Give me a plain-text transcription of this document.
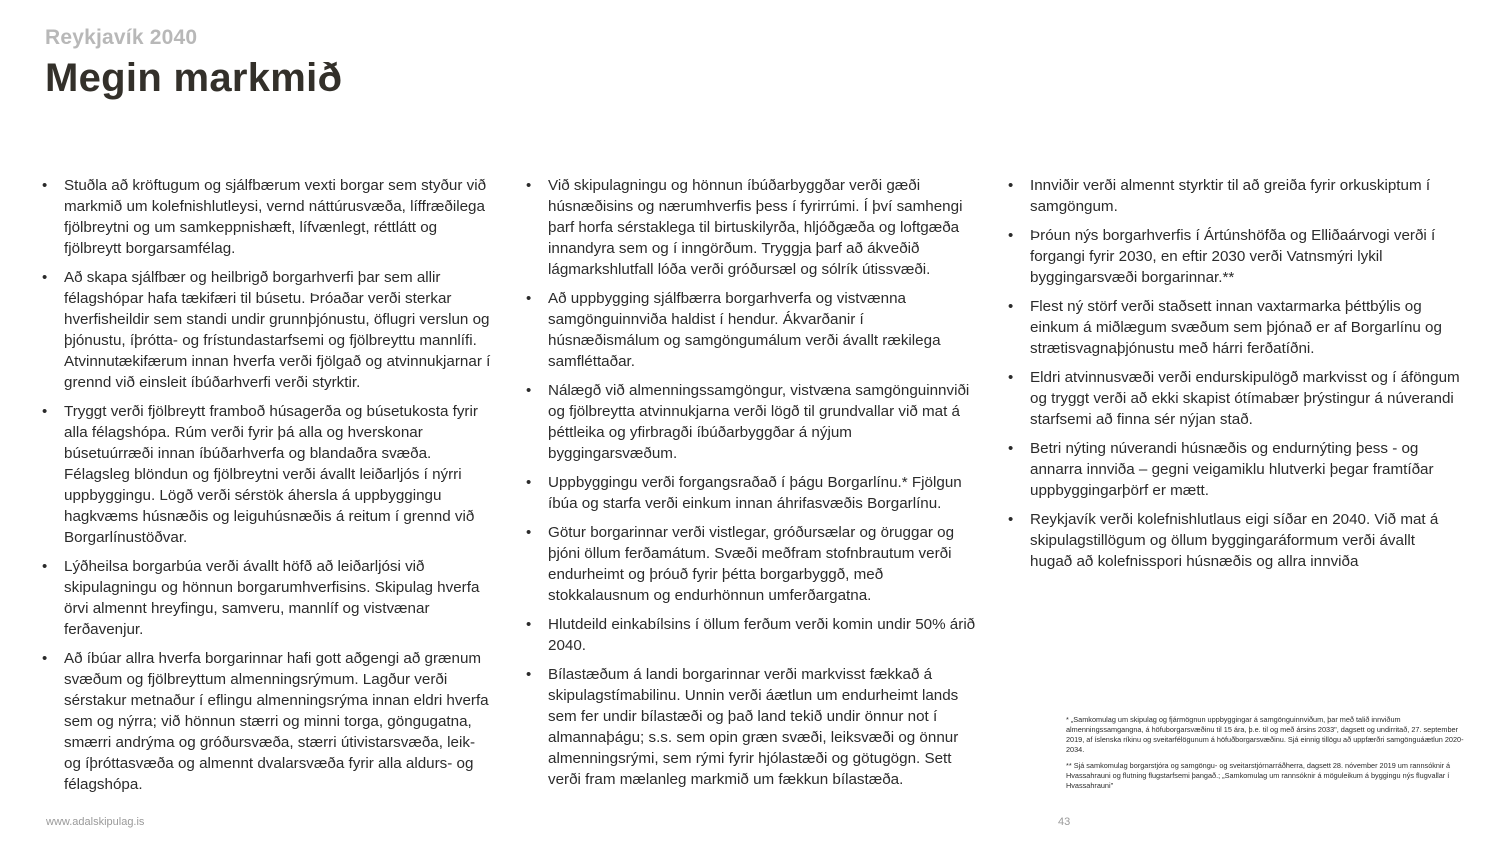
Reykjavík 2040
Megin markmið
• Stuðla að kröftugum og sjálfbærum vexti borgar sem styður við markmið um kolefnishlutleysi, vernd náttúrusvæða, líffræðilega fjölbreytni og um samkeppnishæft, lífvænlegt, réttlátt og fjölbreytt borgarsamfélag.
• Að skapa sjálfbær og heilbrigð borgarhverfi þar sem allir félagshópar hafa tækifæri til búsetu. Þróaðar verði sterkar hverfisheildir sem standi undir grunnþjónustu, öflugri verslun og þjónustu, íþrótta- og frístundastarfsemi og fjölbreyttu mannlífi. Atvinnutækifærum innan hverfa verði fjölgað og atvinnukjarnar í grennd við einsleit íbúðarhverfi verði styrktir.
• Tryggt verði fjölbreytt framboð húsagerða og búsetukosta fyrir alla félagshópa. Rúm verði fyrir þá alla og hverskonar búsetuúrræði innan íbúðarhverfa og blandaðra svæða. Félagsleg blöndun og fjölbreytni verði ávallt leiðarljós í nýrri uppbyggingu. Lögð verði sérstök áhersla á uppbyggingu hagkvæms húsnæðis og leiguhúsnæðis á reitum í grennd við Borgarlínustöðvar.
• Lýðheilsa borgarbúa verði ávallt höfð að leiðarljósi við skipulagningu og hönnun borgarumhverfisins. Skipulag hverfa örvi almennt hreyfingu, samveru, mannlíf og vistvænar ferðavenjur.
• Að íbúar allra hverfa borgarinnar hafi gott aðgengi að grænum svæðum og fjölbreyttum almenningsrýmum. Lagður verði sérstakur metnaður í eflingu almenningsrýma innan eldri hverfa sem og nýrra; við hönnun stærri og minni torga, göngugatna, smærri andrýma og gróðursvæða, stærri útivistarsvæða, leik- og íþróttasvæða og almennt dvalarsvæða fyrir alla aldurs- og félagshópa.
• Við skipulagningu og hönnun íbúðarbyggðar verði gæði húsnæðisins og nærumhverfis þess í fyrirrúmi. Í því samhengi þarf horfa sérstaklega til birtuskilyrða, hljóðgæða og loftgæða innandyra sem og í inngörðum. Tryggja þarf að ákveðið lágmarkshlutfall lóða verði gróðursæl og sólrík útissvæði.
• Að uppbygging sjálfbærra borgarhverfa og vistvænna samgönguinnviða haldist í hendur. Ákvarðanir í húsnæðismálum og samgöngumálum verði ávallt rækilega samfléttaðar.
• Nálægð við almenningssamgöngur, vistvæna samgönguinnviði og fjölbreytta atvinnukjarna verði lögð til grundvallar við mat á þéttleika og yfirbragði íbúðarbyggðar á nýjum byggingarsvæðum.
• Uppbyggingu verði forgangsraðað í þágu Borgarlínu.* Fjölgun íbúa og starfa verði einkum innan áhrifasvæðis Borgarlínu.
• Götur borgarinnar verði vistlegar, gróðursælar og öruggar og þjóni öllum ferðamátum. Svæði meðfram stofnbrautum verði endurheimt og þróuð fyrir þétta borgarbyggð, með stokkalausnum og endurhönnun umferðargatna.
• Hlutdeild einkabílsins í öllum ferðum verði komin undir 50% árið 2040.
• Bílastæðum á landi borgarinnar verði markvisst fækkað á skipulagstímabilinu. Unnin verði áætlun um endurheimt lands sem fer undir bílastæði og það land tekið undir önnur not í almannaþágu; s.s. sem opin græn svæði, leiksvæði og önnur almenningsrými, sem rými fyrir hjólastæði og götugögn. Sett verði fram mælanleg markmið um fækkun bílastæða.
• Innviðir verði almennt styrktir til að greiða fyrir orkuskiptum í samgöngum.
• Þróun nýs borgarhverfis í Ártúnshöfða og Elliðaárvogi verði í forgangi fyrir 2030, en eftir 2030 verði Vatnsmýri lykil byggingarsvæði borgarinnar.**
• Flest ný störf verði staðsett innan vaxtarmarka þéttbýlis og einkum á miðlægum svæðum sem þjónað er af Borgarlínu og strætisvagnaþjónustu með hárri ferðatíðni.
• Eldri atvinnusvæði verði endurskipulögð markvisst og í áföngum og tryggt verði að ekki skapist ótímabær þrýstingur á núverandi starfsemi að finna sér nýjan stað.
• Betri nýting núverandi húsnæðis og endurnýting þess - og annarra innviða – gegni veigamiklu hlutverki þegar framtíðar uppbyggingarþörf er mætt.
• Reykjavík verði kolefnishlutlaus eigi síðar en 2040. Við mat á skipulagstillögum og öllum byggingaráformum verði ávallt hugað að kolefnisspori húsnæðis og allra innviða

* „Samkomulag um skipulag og fjármögnun uppbyggingar á samgönguinnviðum, þar með talið innviðum almenningssamgangna, á höfuborgarsvæðinu til 15 ára, þ.e. til og með ársins 2033", dagsett og undirritað, 27. september 2019, af íslenska ríkinu og sveitarfélögunum á höfuðborgarsvæðinu. Sjá einnig tillögu að uppfærðri samgönguáætlun 2020-2034.

** Sjá samkomulag borgarstjóra og samgöngu- og sveitarstjórnarráðherra, dagsett 28. nóvember 2019 um rannsóknir á Hvassahrauni og flutning flugstarfsemi þangað.; „Samkomulag um rannsóknir á möguleikum á byggingu nýs flugvallar í Hvassahrauni"

www.adalskipulag.is	43
